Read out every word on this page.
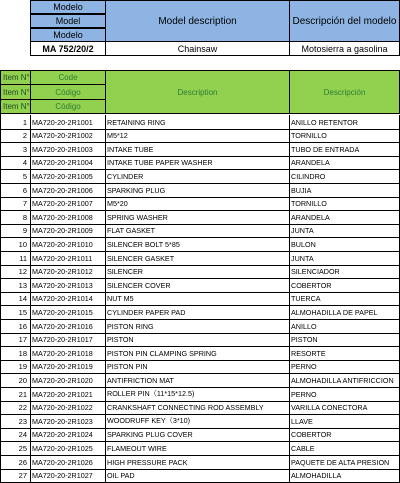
Modelo
Model
Modelo
Model description	Descripción del modelo
MA 752/20/2	Chainsaw	Motosierra a gasolina
Item N°
Item N°
Item N°
Code
Código
Código
Description	Descripción
1 MA720-20-2R1001	RETAINING RING	ANILLO RETENTOR
2 MA720-20-2R1002	M5*12	TORNILLO
3 MA720-20-2R1003	INTAKE TUBE	TUBO DE ENTRADA
4 MA720-20-2R1004	INTAKE TUBE PAPER WASHER	ARANDELA
5 MA720-20-2R1005	CYLINDER	CILINDRO
6 MA720-20-2R1006	SPARKING PLUG	BUJIA
7 MA720-20-2R1007	M5*20	TORNILLO
8 MA720-20-2R1008	SPRING WASHER	ARANDELA
9 MA720-20-2R1009	FLAT GASKET	JUNTA
10 MA720-20-2R1010	SILENCER BOLT 5*85	BULON
11 MA720-20-2R1011	SILENCER GASKET	JUNTA
12 MA720-20-2R1012	SILENCER	SILENCIADOR
13 MA720-20-2R1013	SILENCER COVER	COBERTOR
14 MA720-20-2R1014	NUT M5	TUERCA
15 MA720-20-2R1015	CYLINDER PAPER PAD	ALMOHADILLA DE PAPEL
16 MA720-20-2R1016	PISTON RING	ANILLO
17 MA720-20-2R1017	PISTON	PISTON
18 MA720-20-2R1018	PISTON PIN CLAMPING SPRING	RESORTE
19 MA720-20-2R1019	PISTON PIN	PERNO
20 MA720-20-2R1020	ANTIFRICTION MAT	ALMOHADILLA ANTIFRICCION
21 MA720-20-2R1021	ROLLER PIN（11*15*12.5)	PERNO
22 MA720-20-2R1022	CRANKSHAFT CONNECTING ROD ASSEMBLY	VARILLA CONECTORA
23 MA720-20-2R1023	WOODRUFF KEY（3*10)	LLAVE
24 MA720-20-2R1024	SPARKING PLUG COVER	COBERTOR
25 MA720-20-2R1025	FLAMEOUT WIRE	CABLE
26 MA720-20-2R1026	HIGH PRESSURE PACK	PAQUETE DE ALTA PRESION
27 MA720-20-2R1027	OIL PAD	ALMOHADILLA
